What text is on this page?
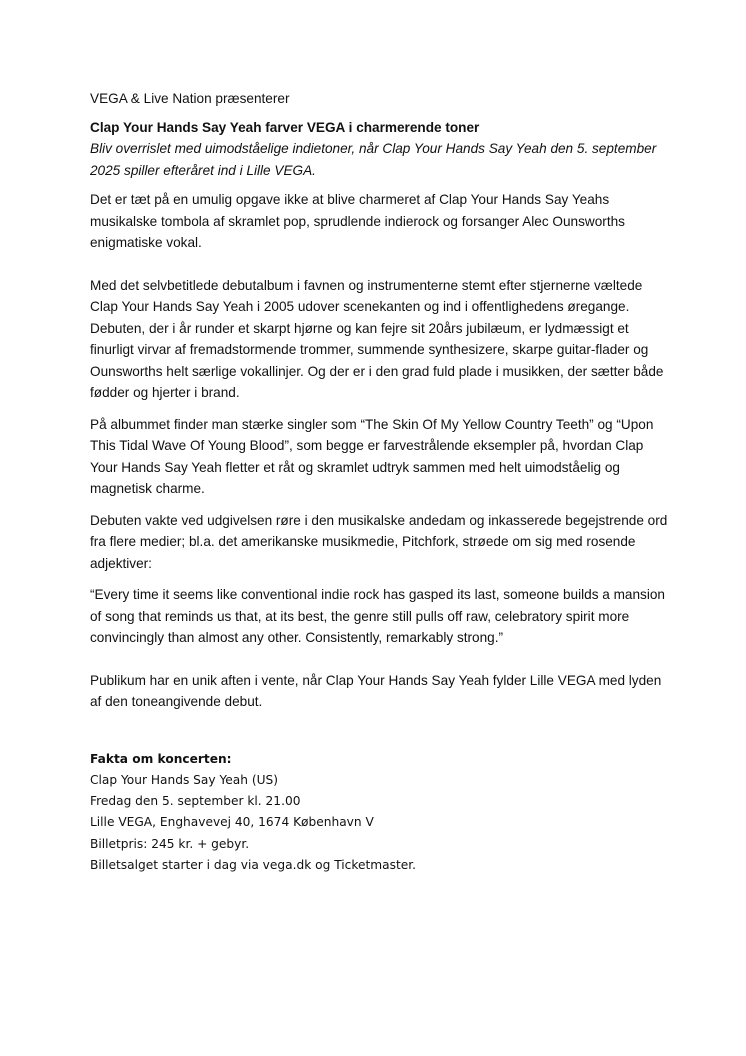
VEGA & Live Nation præsenterer

Clap Your Hands Say Yeah farver VEGA i charmerende toner

Bliv overrislet med uimodståelige indietoner, når Clap Your Hands Say Yeah den 5. september 2025 spiller efteråret ind i Lille VEGA.

Det er tæt på en umulig opgave ikke at blive charmeret af Clap Your Hands Say Yeahs musikalske tombola af skramlet pop, sprudlende indierock og forsanger Alec Ounsworths enigmatiske vokal.

Med det selvbetitlede debutalbum i favnen og instrumenterne stemt efter stjernerne væltede Clap Your Hands Say Yeah i 2005 udover scenekanten og ind i offentlighedens øregange. Debuten, der i år runder et skarpt hjørne og kan fejre sit 20års jubilæum, er lydmæssigt et finurligt virvar af fremadstormende trommer, summende synthesizere, skarpe guitar-flader og Ounsworths helt særlige vokallinjer. Og der er i den grad fuld plade i musikken, der sætter både fødder og hjerter i brand.

På albummet finder man stærke singler som “The Skin Of My Yellow Country Teeth” og “Upon This Tidal Wave Of Young Blood”, som begge er farvestrålende eksempler på, hvordan Clap Your Hands Say Yeah fletter et råt og skramlet udtryk sammen med helt uimodståelig og magnetisk charme.

Debuten vakte ved udgivelsen røre i den musikalske andedam og inkasserede begejstrende ord fra flere medier; bl.a. det amerikanske musikmedie, Pitchfork, strøede om sig med rosende adjektiver:

“Every time it seems like conventional indie rock has gasped its last, someone builds a mansion of song that reminds us that, at its best, the genre still pulls off raw, celebratory spirit more convincingly than almost any other. Consistently, remarkably strong.”

Publikum har en unik aften i vente, når Clap Your Hands Say Yeah fylder Lille VEGA med lyden af den toneangivende debut.

Fakta om koncerten:
Clap Your Hands Say Yeah (US)
Fredag den 5. september kl. 21.00
Lille VEGA, Enghavevej 40, 1674 København V
Billetpris: 245 kr. + gebyr.
Billetsalget starter i dag via vega.dk og Ticketmaster.
